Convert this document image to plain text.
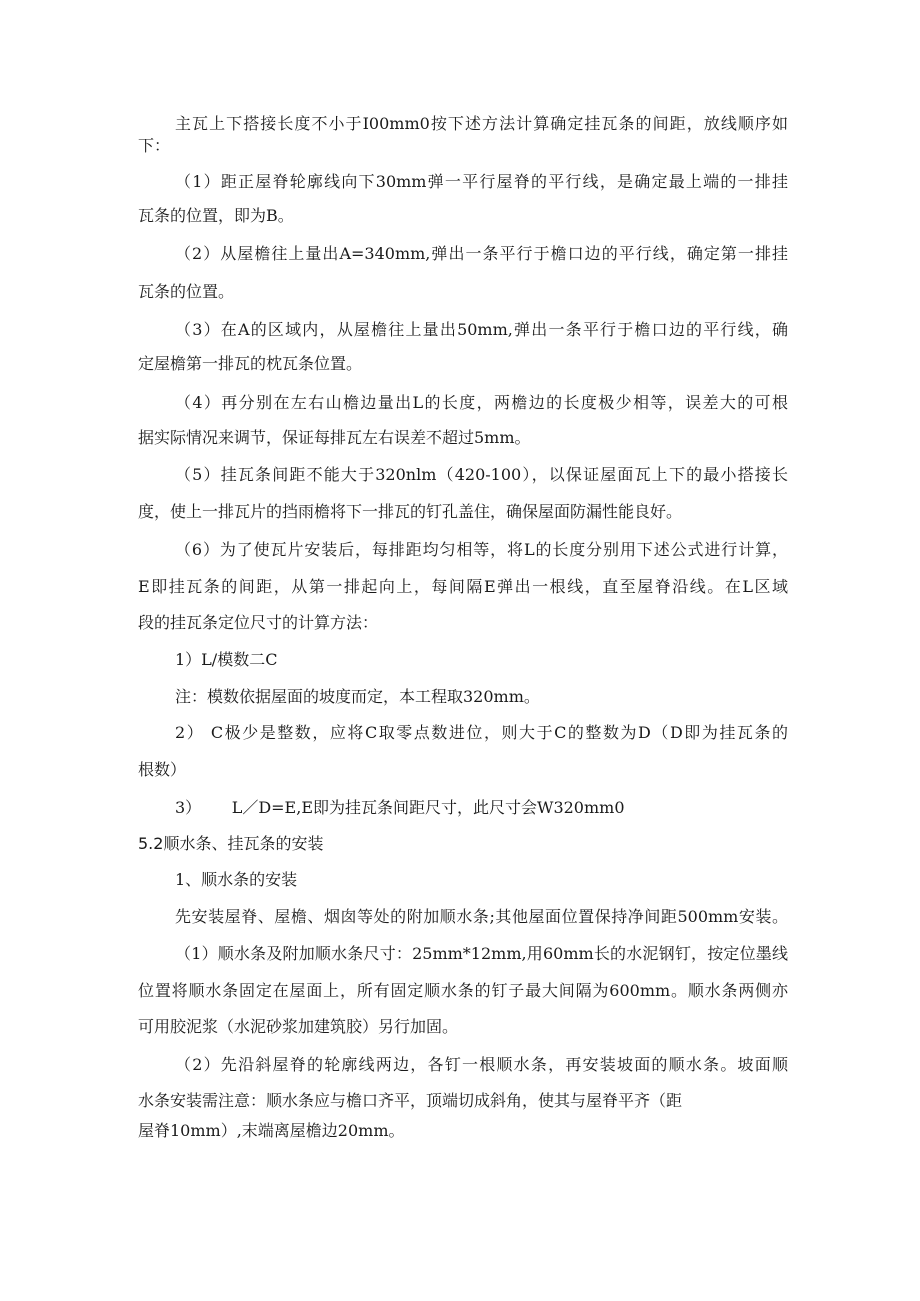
主瓦上下搭接长度不小于I00mm0按下述方法计算确定挂瓦条的间距，放线顺序如
下：
（1）距正屋脊轮廓线向下30mm弹一平行屋脊的平行线，是确定最上端的一排挂
瓦条的位置，即为B。
（2）从屋檐往上量出A=340mm,弹出一条平行于檐口边的平行线，确定第一排挂
瓦条的位置。
（3）在A的区域内，从屋檐往上量出50mm,弹出一条平行于檐口边的平行线，确
定屋檐第一排瓦的枕瓦条位置。
（4）再分别在左右山檐边量出L的长度，两檐边的长度极少相等，误差大的可根
据实际情况来调节，保证每排瓦左右误差不超过5mm。
（5）挂瓦条间距不能大于320nlm（420-100），以保证屋面瓦上下的最小搭接长
度，使上一排瓦片的挡雨檐将下一排瓦的钉孔盖住，确保屋面防漏性能良好。
（6）为了使瓦片安装后，每排距均匀相等，将L的长度分别用下述公式进行计算，
E即挂瓦条的间距，从第一排起向上，每间隔E弹出一根线，直至屋脊沿线。在L区域
段的挂瓦条定位尺寸的计算方法：
1）L/模数二C
注：模数依据屋面的坡度而定，本工程取320mm。
2） C极少是整数，应将C取零点数进位，则大于C的整数为D（D即为挂瓦条的
根数）
3）      L／D=E,E即为挂瓦条间距尺寸，此尺寸会W320mm0
5.2顺水条、挂瓦条的安装
1、顺水条的安装
先安装屋脊、屋檐、烟囱等处的附加顺水条;其他屋面位置保持净间距500mm安装。
（1）顺水条及附加顺水条尺寸：25mm*12mm,用60mm长的水泥钢钉，按定位墨线
位置将顺水条固定在屋面上，所有固定顺水条的钉子最大间隔为600mm。顺水条两侧亦
可用胶泥浆（水泥砂浆加建筑胶）另行加固。
（2）先沿斜屋脊的轮廓线两边，各钉一根顺水条，再安装坡面的顺水条。坡面顺
水条安装需注意：顺水条应与檐口齐平，顶端切成斜角，使其与屋脊平齐（距
屋脊10mm）,末端离屋檐边20mm。
